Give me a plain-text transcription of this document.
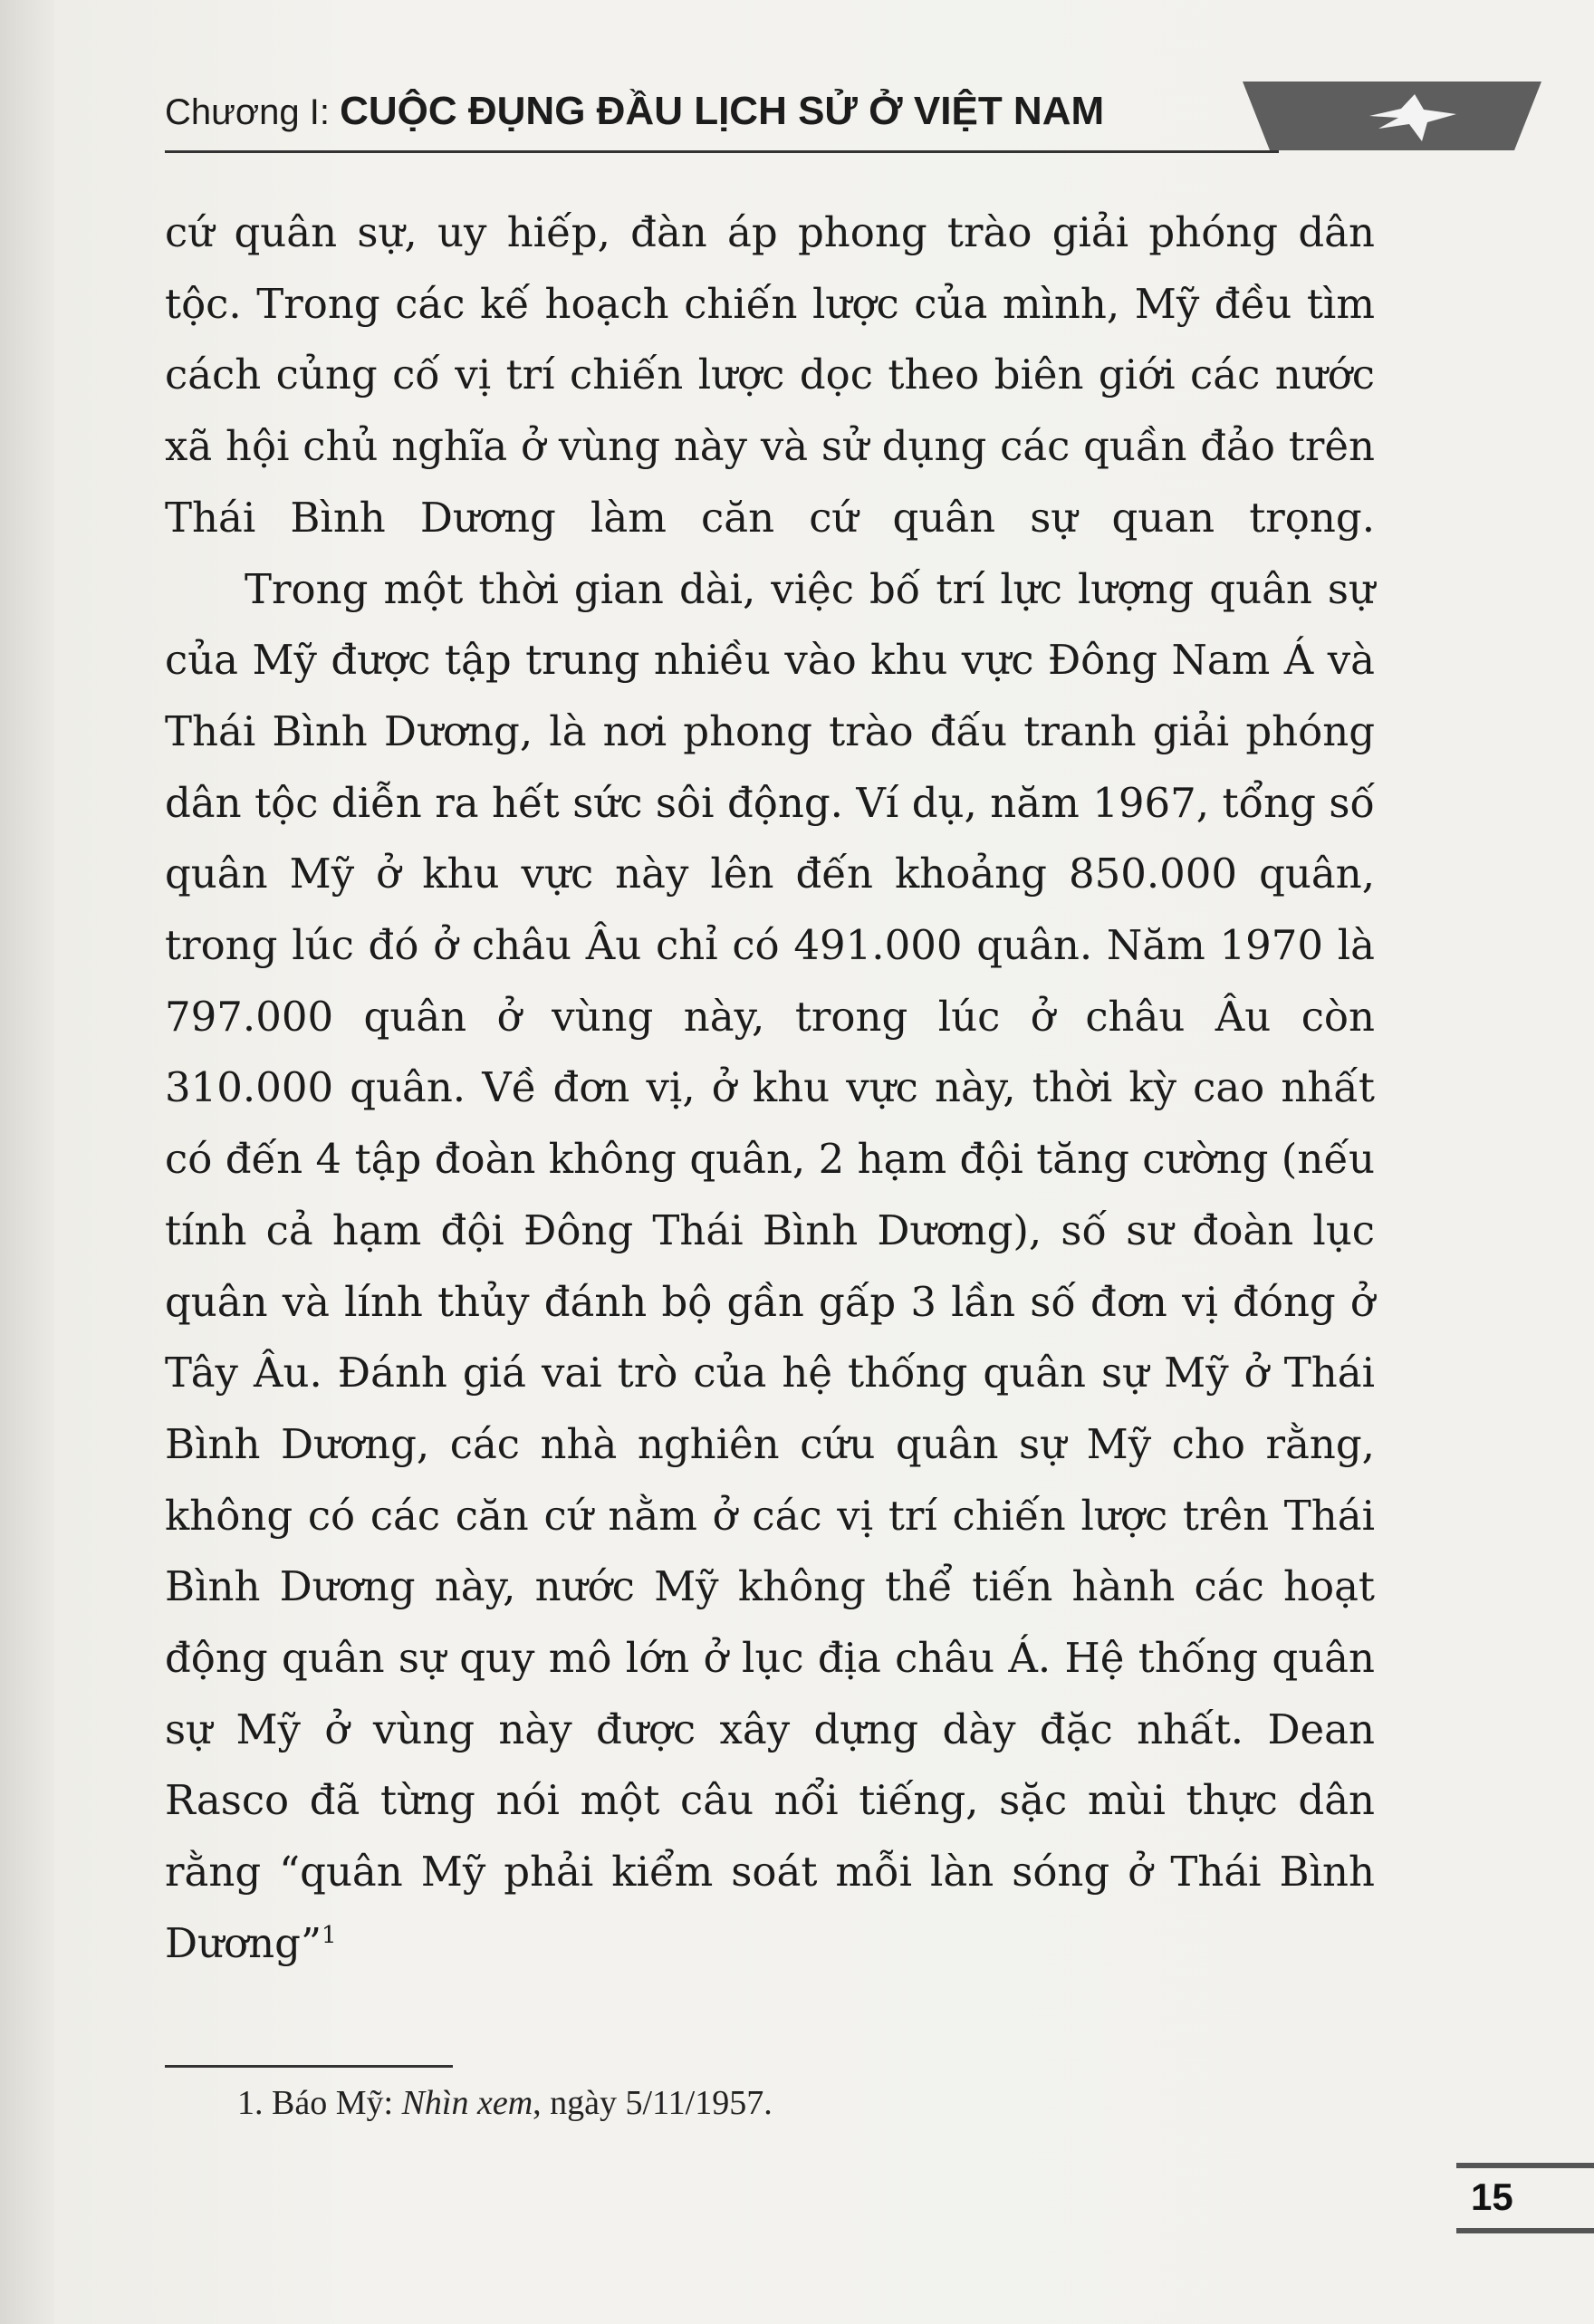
Chương I: CUỘC ĐỤNG ĐẦU LỊCH SỬ Ở VIỆT NAM

cứ quân sự, uy hiếp, đàn áp phong trào giải phóng dân tộc. Trong các kế hoạch chiến lược của mình, Mỹ đều tìm cách củng cố vị trí chiến lược dọc theo biên giới các nước xã hội chủ nghĩa ở vùng này và sử dụng các quần đảo trên Thái Bình Dương làm căn cứ quân sự quan trọng.

Trong một thời gian dài, việc bố trí lực lượng quân sự của Mỹ được tập trung nhiều vào khu vực Đông Nam Á và Thái Bình Dương, là nơi phong trào đấu tranh giải phóng dân tộc diễn ra hết sức sôi động. Ví dụ, năm 1967, tổng số quân Mỹ ở khu vực này lên đến khoảng 850.000 quân, trong lúc đó ở châu Âu chỉ có 491.000 quân. Năm 1970 là 797.000 quân ở vùng này, trong lúc ở châu Âu còn 310.000 quân. Về đơn vị, ở khu vực này, thời kỳ cao nhất có đến 4 tập đoàn không quân, 2 hạm đội tăng cường (nếu tính cả hạm đội Đông Thái Bình Dương), số sư đoàn lục quân và lính thủy đánh bộ gần gấp 3 lần số đơn vị đóng ở Tây Âu. Đánh giá vai trò của hệ thống quân sự Mỹ ở Thái Bình Dương, các nhà nghiên cứu quân sự Mỹ cho rằng, không có các căn cứ nằm ở các vị trí chiến lược trên Thái Bình Dương này, nước Mỹ không thể tiến hành các hoạt động quân sự quy mô lớn ở lục địa châu Á. Hệ thống quân sự Mỹ ở vùng này được xây dựng dày đặc nhất. Dean Rasco đã từng nói một câu nổi tiếng, sặc mùi thực dân rằng “quân Mỹ phải kiểm soát mỗi làn sóng ở Thái Bình Dương”$^1$

1. Báo Mỹ: Nhìn xem, ngày 5/11/1957.
15
